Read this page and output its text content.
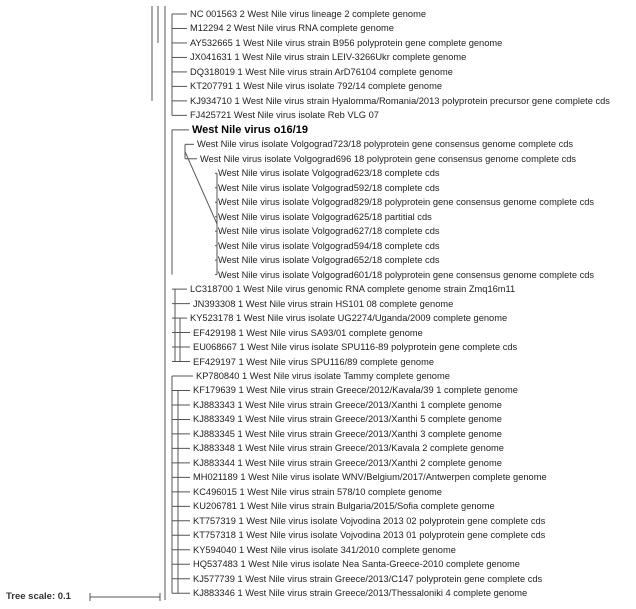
NC 001563 2 West Nile virus lineage 2 complete genome
M12294 2 West Nile virus RNA complete genome
AY532665 1 West Nile virus strain B956 polyprotein gene complete genome
JX041631 1 West Nile virus strain LEIV-3266Ukr complete genome
DQ318019 1 West Nile virus strain ArD76104 complete genome
KT207791 1 West Nile virus isolate 792/14 complete genome
KJ934710 1 West Nile virus strain Hyalomma/Romania/2013 polyprotein precursor gene complete cds
FJ425721 West Nile virus isolate Reb VLG 07
West Nile virus o16/19
West Nile virus isolate Volgograd723/18 polyprotein gene consensus genome complete cds
West Nile virus isolate Volgograd696 18 polyprotein gene consensus genome complete cds
West Nile virus isolate Volgograd623/18 complete cds
West Nile virus isolate Volgograd592/18 complete cds
West Nile virus isolate Volgograd829/18 polyprotein gene consensus genome complete cds
West Nile virus isolate Volgograd625/18 partitial cds
West Nile virus isolate Volgograd627/18 complete cds
West Nile virus isolate Volgograd594/18 complete cds
West Nile virus isolate Volgograd652/18 complete cds
West Nile virus isolate Volgograd601/18 polyprotein gene consensus genome complete cds
LC318700 1 West Nile virus genomic RNA complete genome strain Zmq16m11
JN393308 1 West Nile virus strain HS101 08 complete genome
KY523178 1 West Nile virus isolate UG2274/Uganda/2009 complete genome
EF429198 1 West Nile virus SA93/01 complete genome
EU068667 1 West Nile virus isolate SPU116-89 polyprotein gene complete cds
EF429197 1 West Nile virus SPU116/89 complete genome
KP780840 1 West Nile virus isolate Tammy complete genome
KF179639 1 West Nile virus strain Greece/2012/Kavala/39 1 complete genome
KJ883343 1 West Nile virus strain Greece/2013/Xanthi 1 complete genome
KJ883349 1 West Nile virus strain Greece/2013/Xanthi 5 complete genome
KJ883345 1 West Nile virus strain Greece/2013/Xanthi 3 complete genome
KJ883348 1 West Nile virus strain Greece/2013/Kavala 2 complete genome
KJ883344 1 West Nile virus strain Greece/2013/Xanthi 2 complete genome
MH021189 1 West Nile virus isolate WNV/Belgium/2017/Antwerpen complete genome
KC496015 1 West Nile virus strain 578/10 complete genome
KU206781 1 West Nile virus strain Bulgaria/2015/Sofia complete genome
KT757319 1 West Nile virus isolate Vojvodina 2013 02 polyprotein gene complete cds
KT757318 1 West Nile virus isolate Vojvodina 2013 01 polyprotein gene complete cds
KY594040 1 West Nile virus isolate 341/2010 complete genome
HQ537483 1 West Nile virus isolate Nea Santa-Greece-2010 complete genome
KJ577739 1 West Nile virus strain Greece/2013/C147 polyprotein gene complete cds
KJ883346 1 West Nile virus strain Greece/2013/Thessaloniki 4 complete genome
Tree scale: 0.1
